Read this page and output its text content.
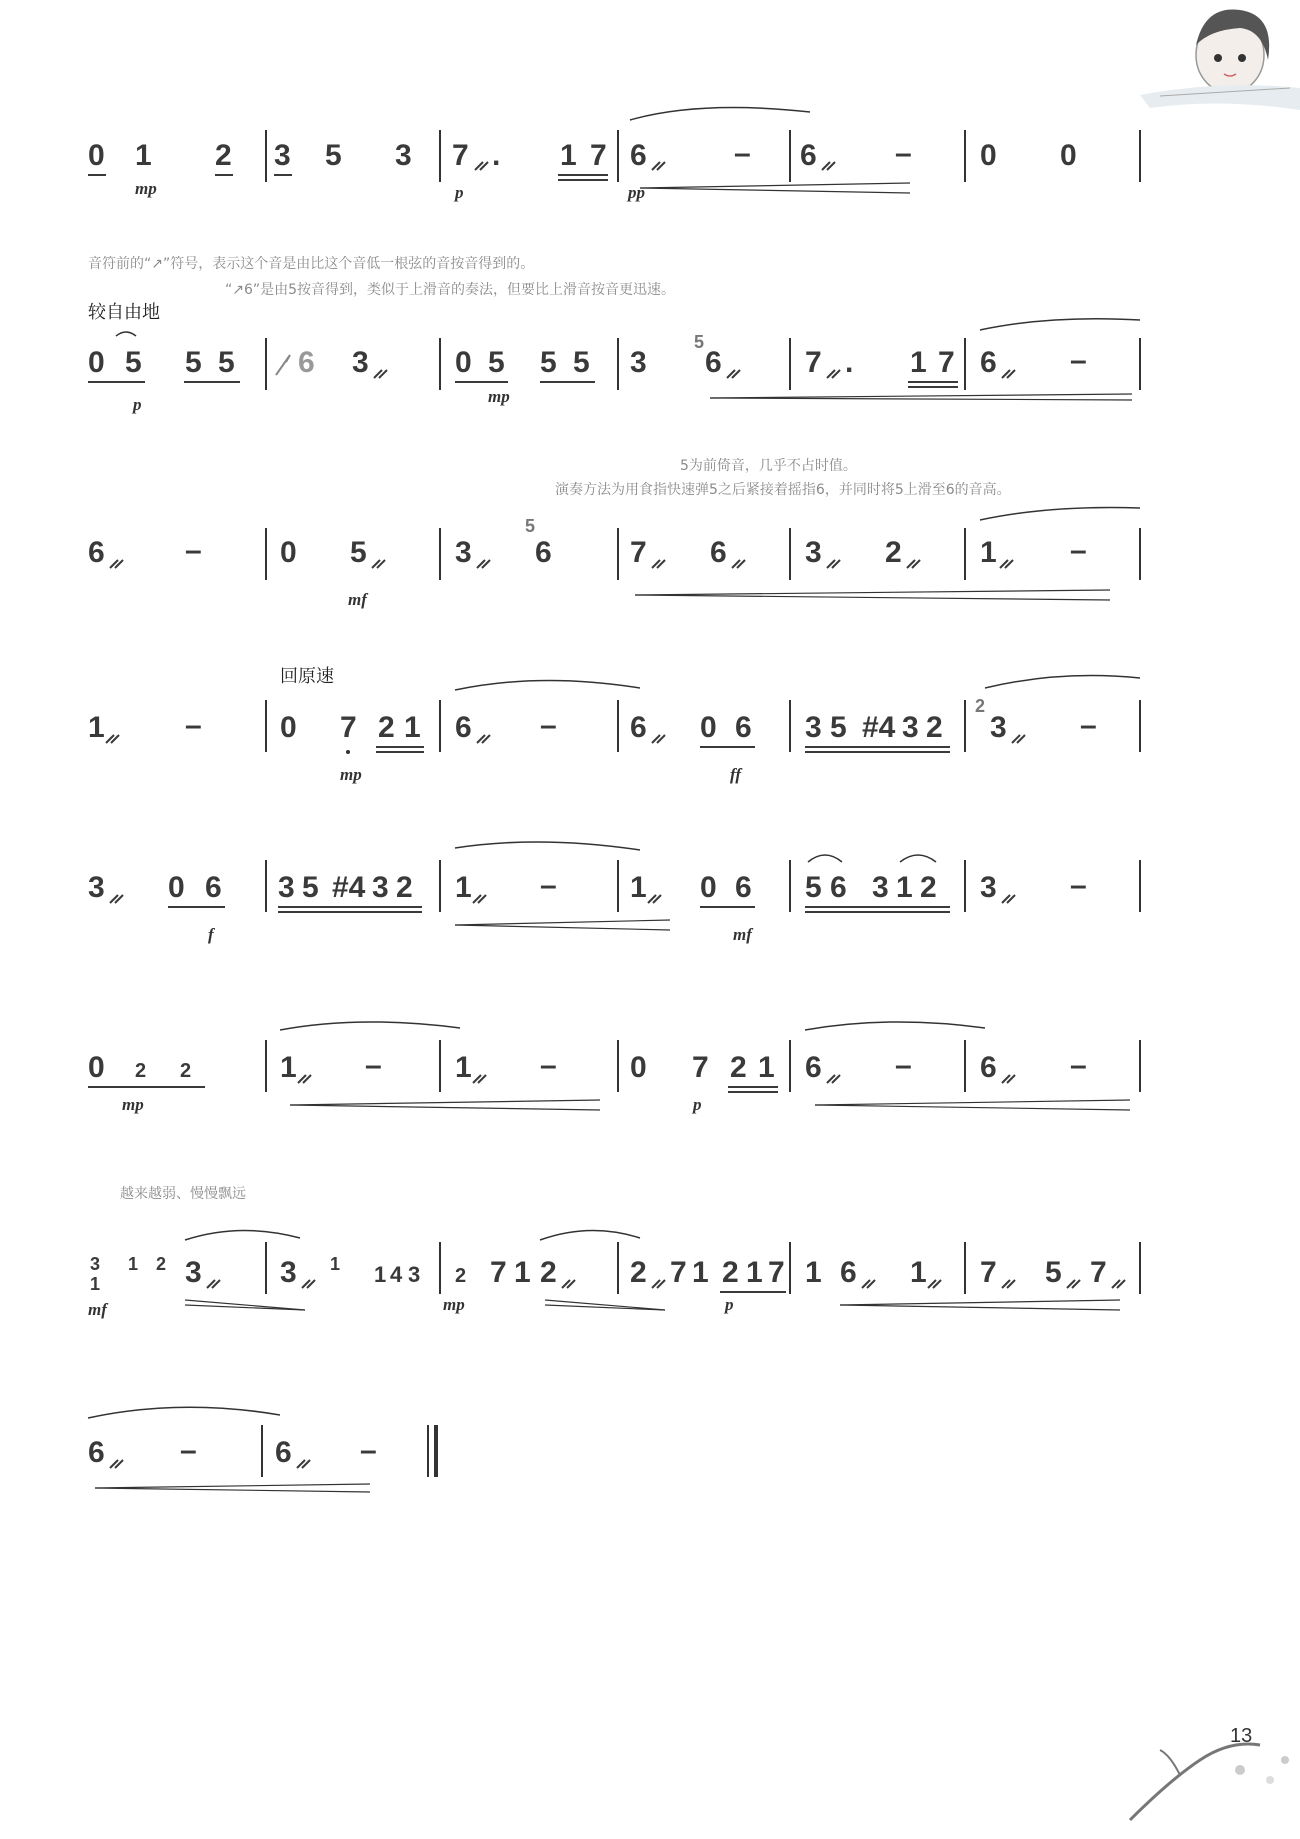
0 1 2 3 5 3 7 . 1 7 6	– 6	– 0 0
mp	p	pp
音符前的“↗”符号，表示这个音是由比这个音低一根弦的音按音得到的。
“↗6”是由5按音得到，类似于上滑音的奏法，但要比上滑音按音更迅速。
较自由地
0 5 5 5 6 3	0 5 5 5 3
5
6	7 . 1 7 6 –
p	mp
5为前倚音，几乎不占时值。
演奏方法为用食指快速弹5之后紧接着摇指6，并同时将5上滑至6的音高。
6	–	0 5	3
5
6	7 6	3 2	1 –
mf
回原速
1	–	0 7 2 1 6 – 6 0 6 3 5 #4 3 2
2
3 –
mp	ff
3 0 6 3 5 #4 3 2 1 – 1 0 6 5 6 3 1 2 3 –
f	mf
0 2 2	1 – 1 – 0 7 2 1 6 – 6 –
mp	p
越来越弱、慢慢飘远
3
1
1 2 3	3 1 1 4 3 2 7 1 2 2 7 1 2 1 7 1 6 1 7 5 7
mf	mp	p
6	–	6 –
13
